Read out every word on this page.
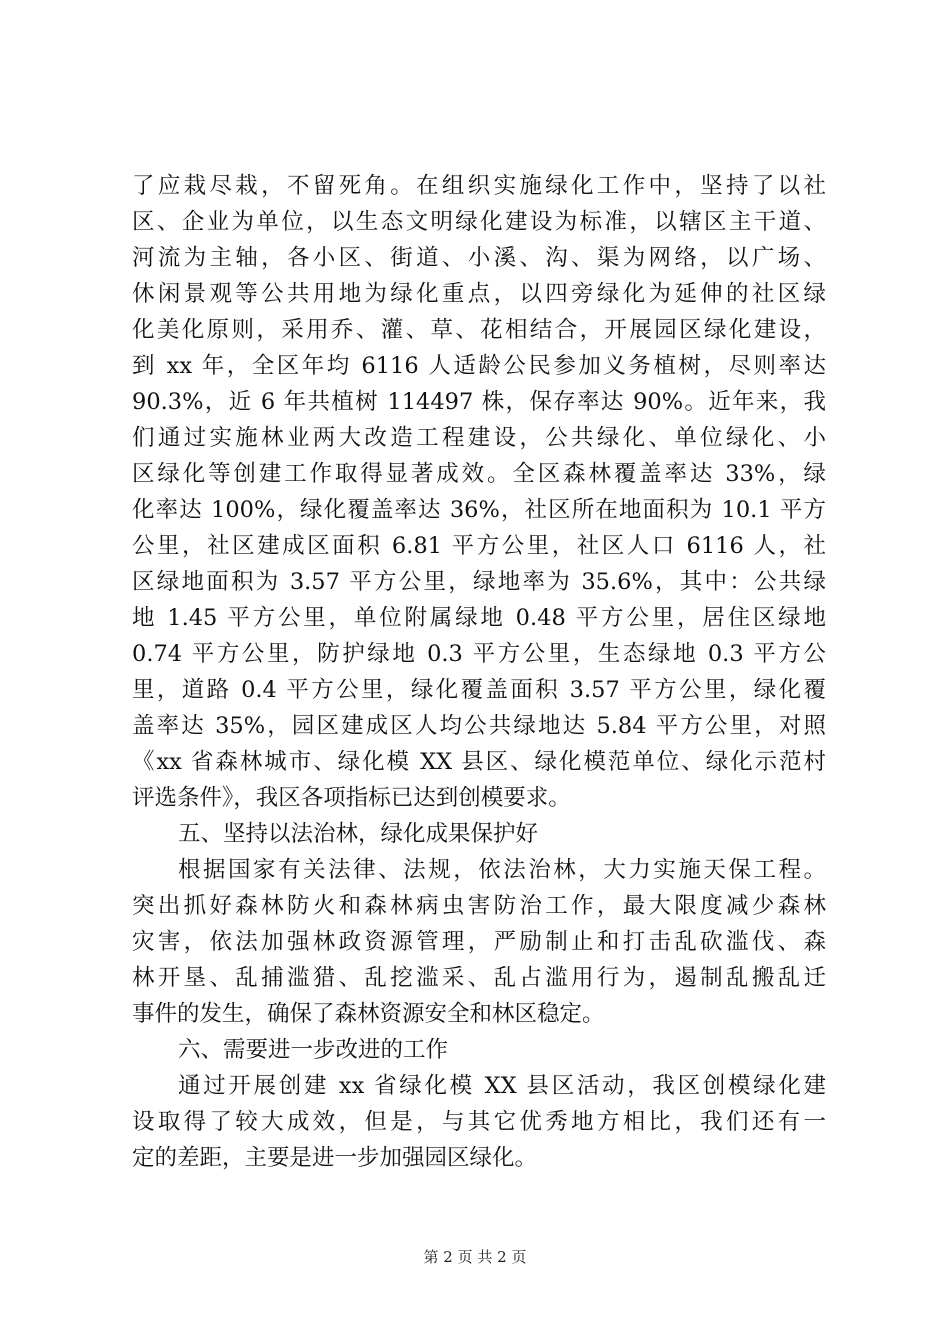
了应栽尽栽，不留死角。在组织实施绿化工作中，坚持了以社
区、企业为单位，以生态文明绿化建设为标准，以辖区主干道、
河流为主轴，各小区、街道、小溪、沟、渠为网络，以广场、
休闲景观等公共用地为绿化重点，以四旁绿化为延伸的社区绿
化美化原则，采用乔、灌、草、花相结合，开展园区绿化建设，
到 xx 年，全区年均 6116 人适龄公民参加义务植树，尽则率达
90.3%，近 6 年共植树 114497 株，保存率达 90%。近年来，我
们通过实施林业两大改造工程建设，公共绿化、单位绿化、小
区绿化等创建工作取得显著成效。全区森林覆盖率达 33%，绿
化率达 100%，绿化覆盖率达 36%，社区所在地面积为 10.1 平方
公里，社区建成区面积 6.81 平方公里，社区人口 6116 人，社
区绿地面积为 3.57 平方公里，绿地率为 35.6%，其中：公共绿
地 1.45 平方公里，单位附属绿地 0.48 平方公里，居住区绿地
0.74 平方公里，防护绿地 0.3 平方公里，生态绿地 0.3 平方公
里，道路 0.4 平方公里，绿化覆盖面积 3.57 平方公里，绿化覆
盖率达 35%，园区建成区人均公共绿地达 5.84 平方公里，对照
《xx 省森林城市、绿化模 XX 县区、绿化模范单位、绿化示范村
评选条件》，我区各项指标已达到创模要求。
五、坚持以法治林，绿化成果保护好
根据国家有关法律、法规，依法治林，大力实施天保工程。
突出抓好森林防火和森林病虫害防治工作，最大限度减少森林
灾害，依法加强林政资源管理，严励制止和打击乱砍滥伐、森
林开垦、乱捕滥猎、乱挖滥采、乱占滥用行为，遏制乱搬乱迁
事件的发生，确保了森林资源安全和林区稳定。
六、需要进一步改进的工作
通过开展创建 xx 省绿化模 XX 县区活动，我区创模绿化建
设取得了较大成效，但是，与其它优秀地方相比，我们还有一
定的差距，主要是进一步加强园区绿化。
第 2 页 共 2 页
